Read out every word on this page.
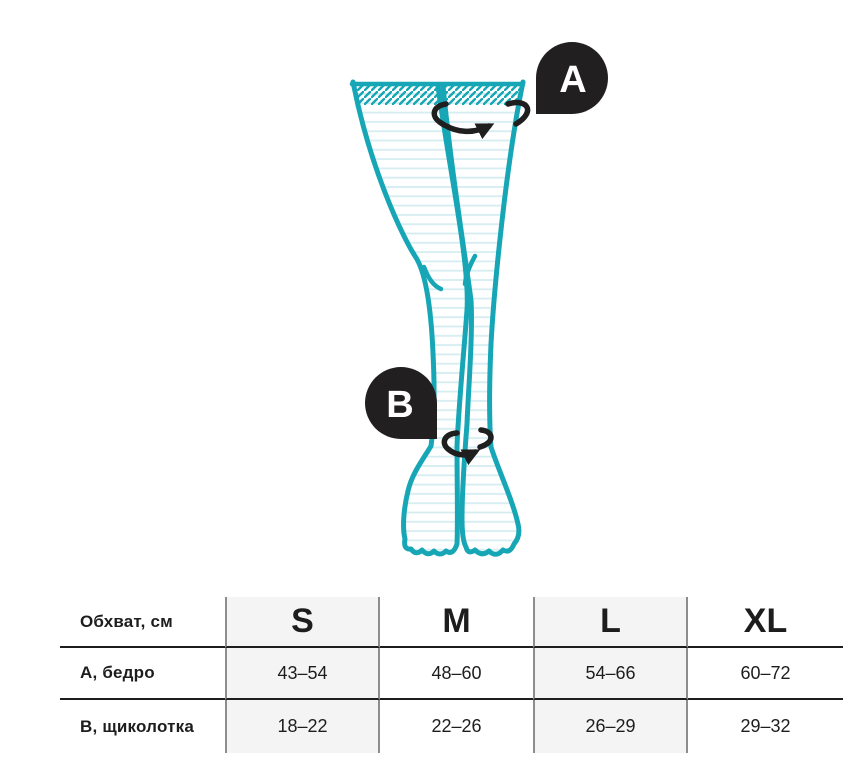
A
B
Обхват, см	S	M	L	XL
А, бедро	43–54	48–60	54–66	60–72
В, щиколотка	18–22	22–26	26–29	29–32
